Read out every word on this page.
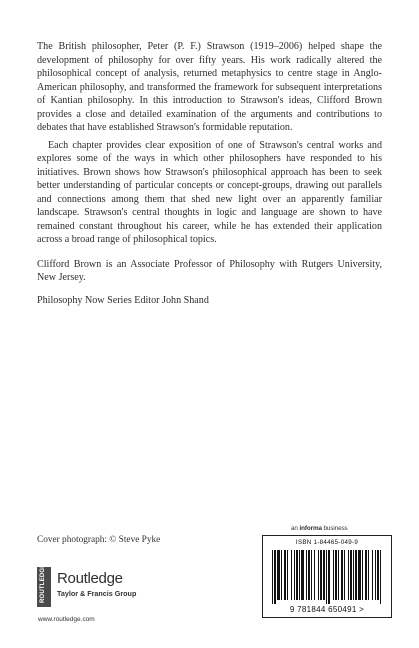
The British philosopher, Peter (P. F.) Strawson (1919–2006) helped shape the development of philosophy for over fifty years. His work radically altered the philosophical concept of analysis, returned metaphysics to centre stage in Anglo-American philosophy, and transformed the framework for subsequent interpretations of Kantian philosophy. In this introduction to Strawson's ideas, Clifford Brown provides a close and detailed examination of the arguments and contributions to debates that have established Strawson's formidable reputation.

Each chapter provides clear exposition of one of Strawson's central works and explores some of the ways in which other philosophers have responded to his initiatives. Brown shows how Strawson's philosophical approach has been to seek better understanding of particular concepts or concept-groups, drawing out parallels and connections among them that shed new light over an apparently familiar landscape. Strawson's central thoughts in logic and language are shown to have remained constant throughout his career, while he has extended their application across a broad range of philosophical topics.

Clifford Brown is an Associate Professor of Philosophy with Rutgers University, New Jersey.

Philosophy Now Series Editor John Shand

Cover photograph: © Steve Pyke
an informa business
ROUTLEDGE Routledge
Taylor & Francis Group
www.routledge.com
ISBN 1-84465-049-9
9 781844 650491 >
